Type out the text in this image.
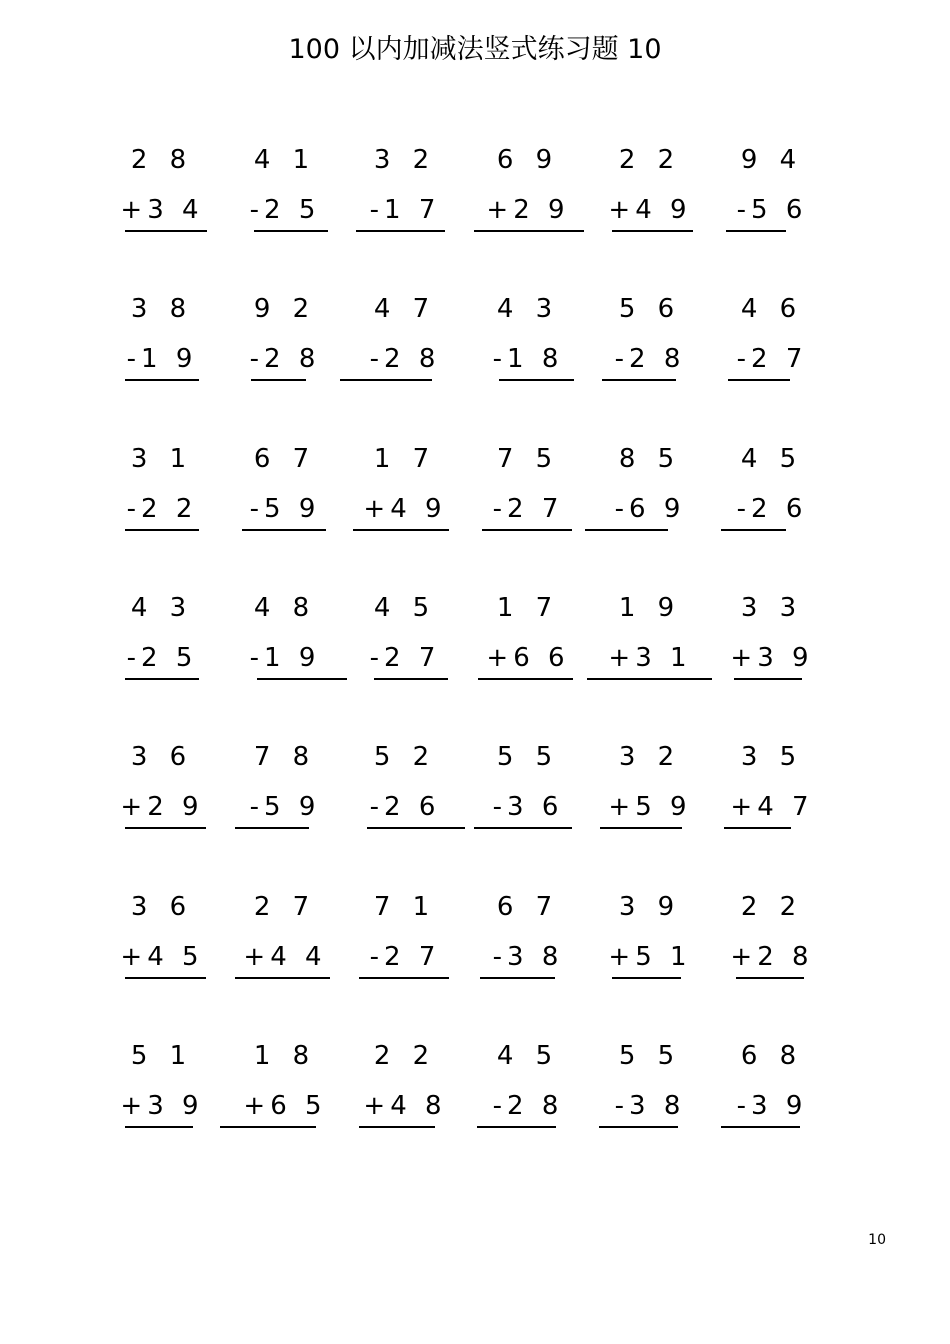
100 以内加减法竖式练习题 10
2 8
+3 4
4 1
-2 5
3 2
-1 7
6 9
+2 9
2 2
+4 9
9 4
-5 6
3 8
-1 9
9 2
-2 8
4 7
-2 8
4 3
-1 8
5 6
-2 8
4 6
-2 7
3 1
-2 2
6 7
-5 9
1 7
+4 9
7 5
-2 7
8 5
-6 9
4 5
-2 6
4 3
-2 5
4 8
-1 9
4 5
-2 7
1 7
+6 6
1 9
+3 1
3 3
+3 9
3 6
+2 9
7 8
-5 9
5 2
-2 6
5 5
-3 6
3 2
+5 9
3 5
+4 7
3 6
+4 5
2 7
+4 4
7 1
-2 7
6 7
-3 8
3 9
+5 1
2 2
+2 8
5 1
+3 9
1 8
+6 5
2 2
+4 8
4 5
-2 8
5 5
-3 8
6 8
-3 9
10
